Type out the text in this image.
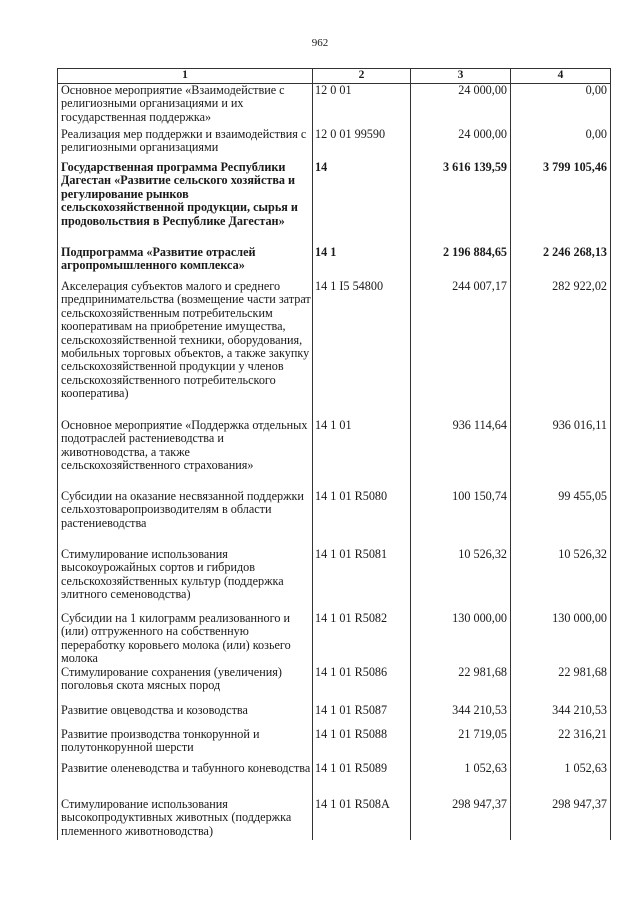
962
1	2	3	4
Основное мероприятие «Взаимодействие с религиозными организациями и их государственная поддержка»	12 0 01	24 000,00	0,00
Реализация мер поддержки и взаимодействия с религиозными организациями	12 0 01 99590	24 000,00	0,00
Государственная программа Республики Дагестан «Развитие сельского хозяйства и регулирование рынков сельскохозяйственной продукции, сырья и продовольствия в Республике Дагестан»	14	3 616 139,59	3 799 105,46
Подпрограмма «Развитие отраслей агропромышленного комплекса»	14 1	2 196 884,65	2 246 268,13
Акселерация субъектов малого и среднего предпринимательства (возмещение части затрат сельскохозяйственным потребительским кооперативам на приобретение имущества, сельскохозяйственной техники, оборудования, мобильных торговых объектов, а также закупку сельскохозяйственной продукции у членов сельскохозяйственного потребительского кооператива)	14 1 I5 54800	244 007,17	282 922,02
Основное мероприятие «Поддержка отдельных подотраслей растениеводства и животноводства, а также сельскохозяйственного страхования»	14 1 01	936 114,64	936 016,11
Субсидии на оказание несвязанной поддержки сельхозтоваропроизводителям в области растениеводства	14 1 01 R5080	100 150,74	99 455,05
Стимулирование использования высокоурожайных сортов и гибридов сельскохозяйственных культур (поддержка элитного семеноводства)	14 1 01 R5081	10 526,32	10 526,32
Субсидии на 1 килограмм реализованного и (или) отгруженного на собственную переработку коровьего молока (или) козьего молока	14 1 01 R5082	130 000,00	130 000,00
Стимулирование сохранения (увеличения) поголовья скота мясных пород	14 1 01 R5086	22 981,68	22 981,68
Развитие овцеводства и козоводства	14 1 01 R5087	344 210,53	344 210,53
Развитие производства тонкорунной и полутонкорунной шерсти	14 1 01 R5088	21 719,05	22 316,21
Развитие оленеводства и табунного коневодства	14 1 01 R5089	1 052,63	1 052,63
Стимулирование использования высокопродуктивных животных (поддержка племенного животноводства)	14 1 01 R508A	298 947,37	298 947,37
